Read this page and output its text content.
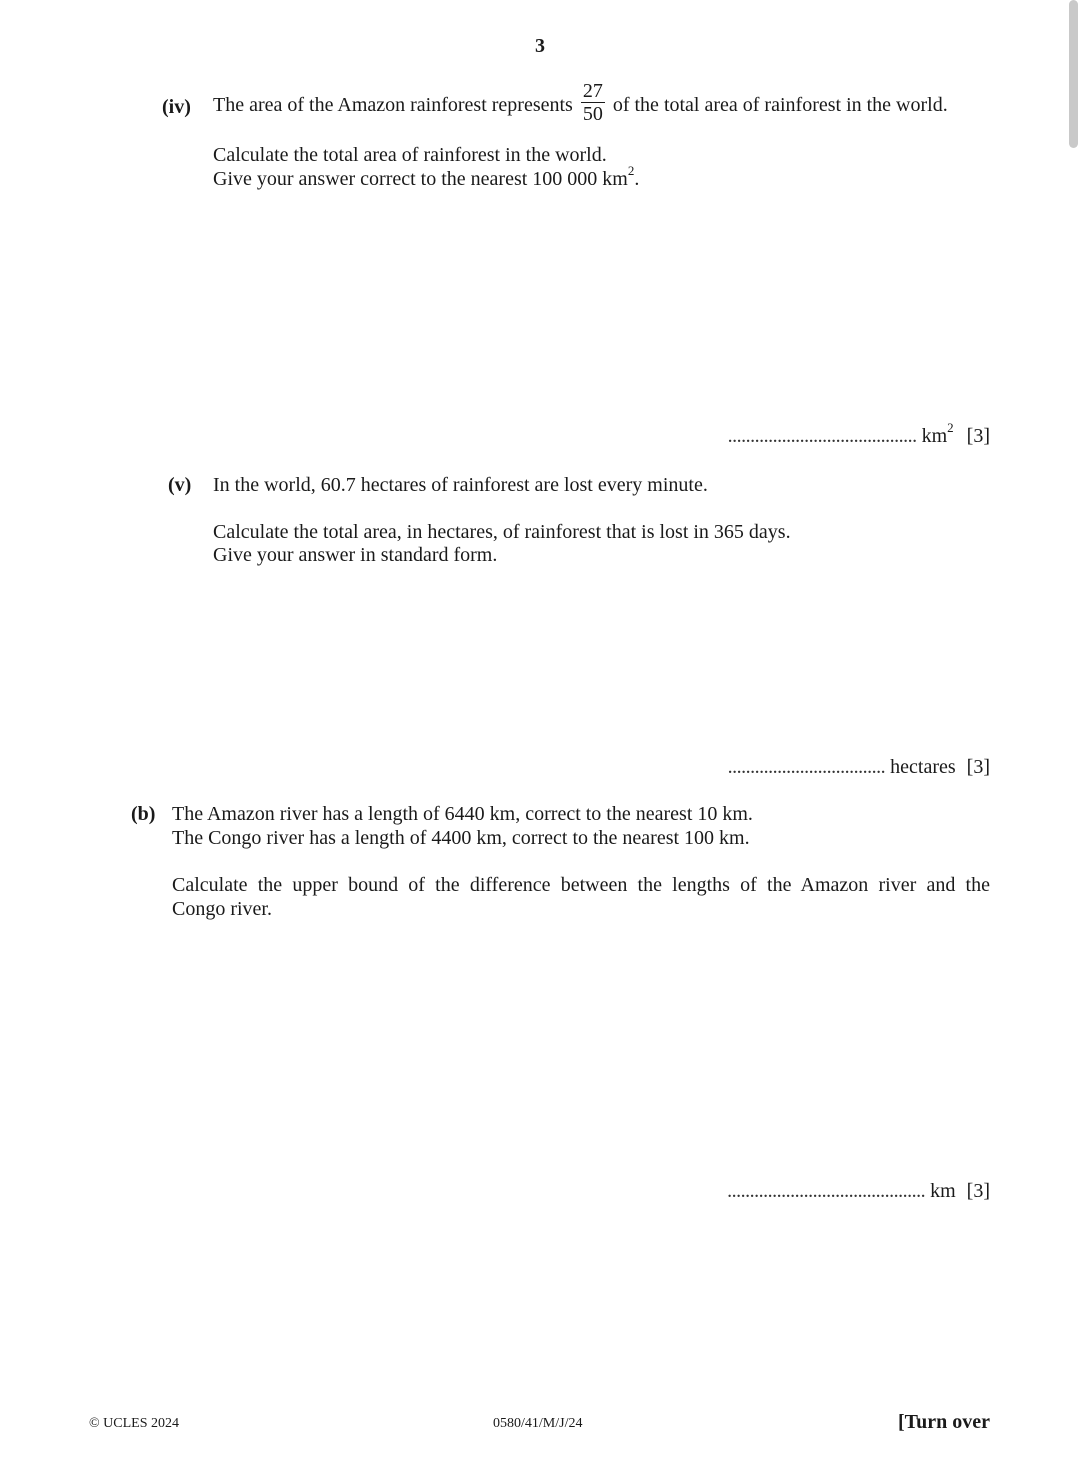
3
(iv) The area of the Amazon rainforest represents $\frac{27}{50}$ of the total area of rainforest in the world.
Calculate the total area of rainforest in the world.
Give your answer correct to the nearest 100 000 $km^2$.
.......................................... $km^2$ [3]
(v) In the world, 60.7 hectares of rainforest are lost every minute.
Calculate the total area, in hectares, of rainforest that is lost in 365 days.
Give your answer in standard form.
................................... hectares [3]
(b) The Amazon river has a length of 6440 km, correct to the nearest 10 km.
The Congo river has a length of 4400 km, correct to the nearest 100 km.
Calculate the upper bound of the difference between the lengths of the Amazon river and the
Congo river.
............................................ km [3]
© UCLES 2024	0580/41/M/J/24	[Turn over
